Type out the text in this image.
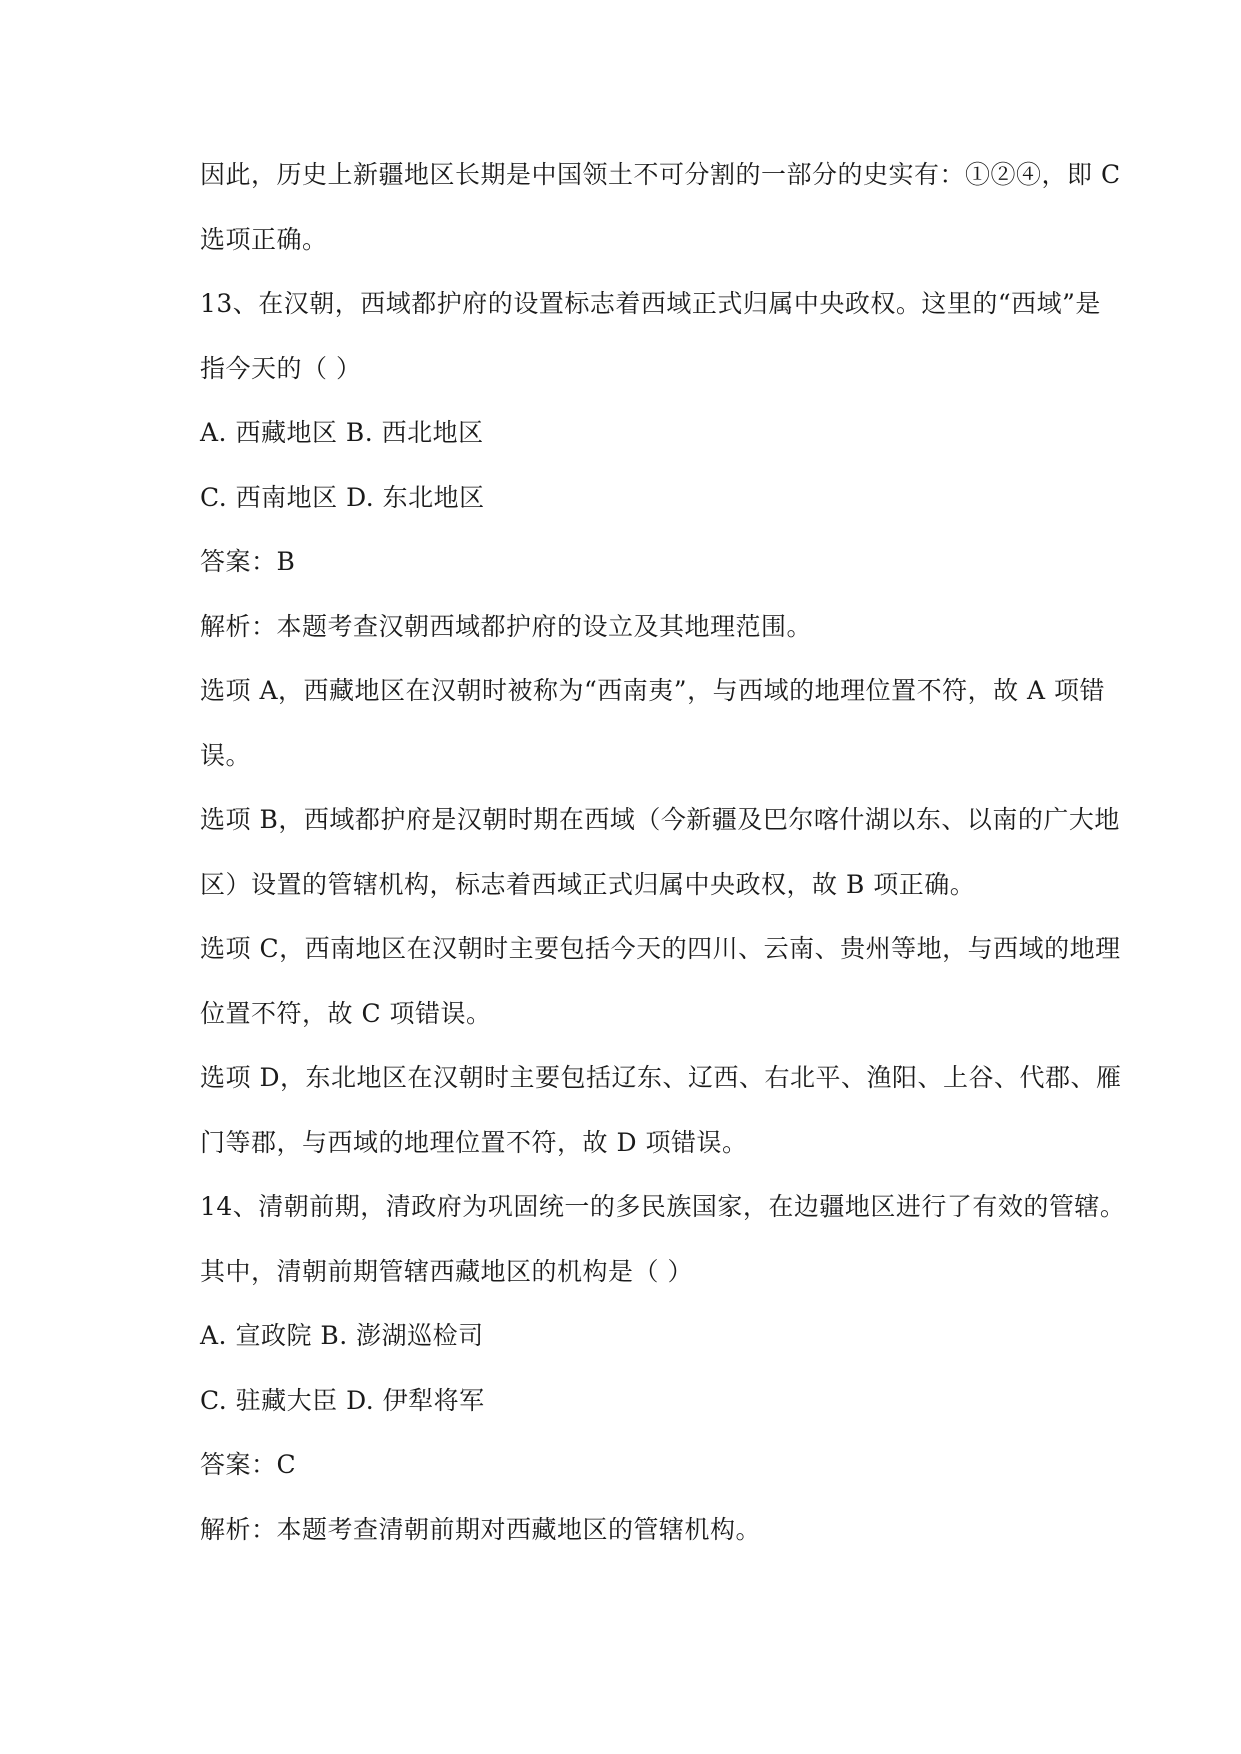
因此，历史上新疆地区长期是中国领土不可分割的一部分的史实有：①②④，即 C
选项正确。
13、在汉朝，西域都护府的设置标志着西域正式归属中央政权。这里的“西域”是
指今天的（ ）
A. 西藏地区 B. 西北地区
C. 西南地区 D. 东北地区
答案：B
解析：本题考查汉朝西域都护府的设立及其地理范围。
选项 A，西藏地区在汉朝时被称为“西南夷”，与西域的地理位置不符，故 A 项错
误。
选项 B，西域都护府是汉朝时期在西域（今新疆及巴尔喀什湖以东、以南的广大地
区）设置的管辖机构，标志着西域正式归属中央政权，故 B 项正确。
选项 C，西南地区在汉朝时主要包括今天的四川、云南、贵州等地，与西域的地理
位置不符，故 C 项错误。
选项 D，东北地区在汉朝时主要包括辽东、辽西、右北平、渔阳、上谷、代郡、雁
门等郡，与西域的地理位置不符，故 D 项错误。
14、清朝前期，清政府为巩固统一的多民族国家，在边疆地区进行了有效的管辖。
其中，清朝前期管辖西藏地区的机构是（ ）
A. 宣政院 B. 澎湖巡检司
C. 驻藏大臣 D. 伊犁将军
答案：C
解析：本题考查清朝前期对西藏地区的管辖机构。
